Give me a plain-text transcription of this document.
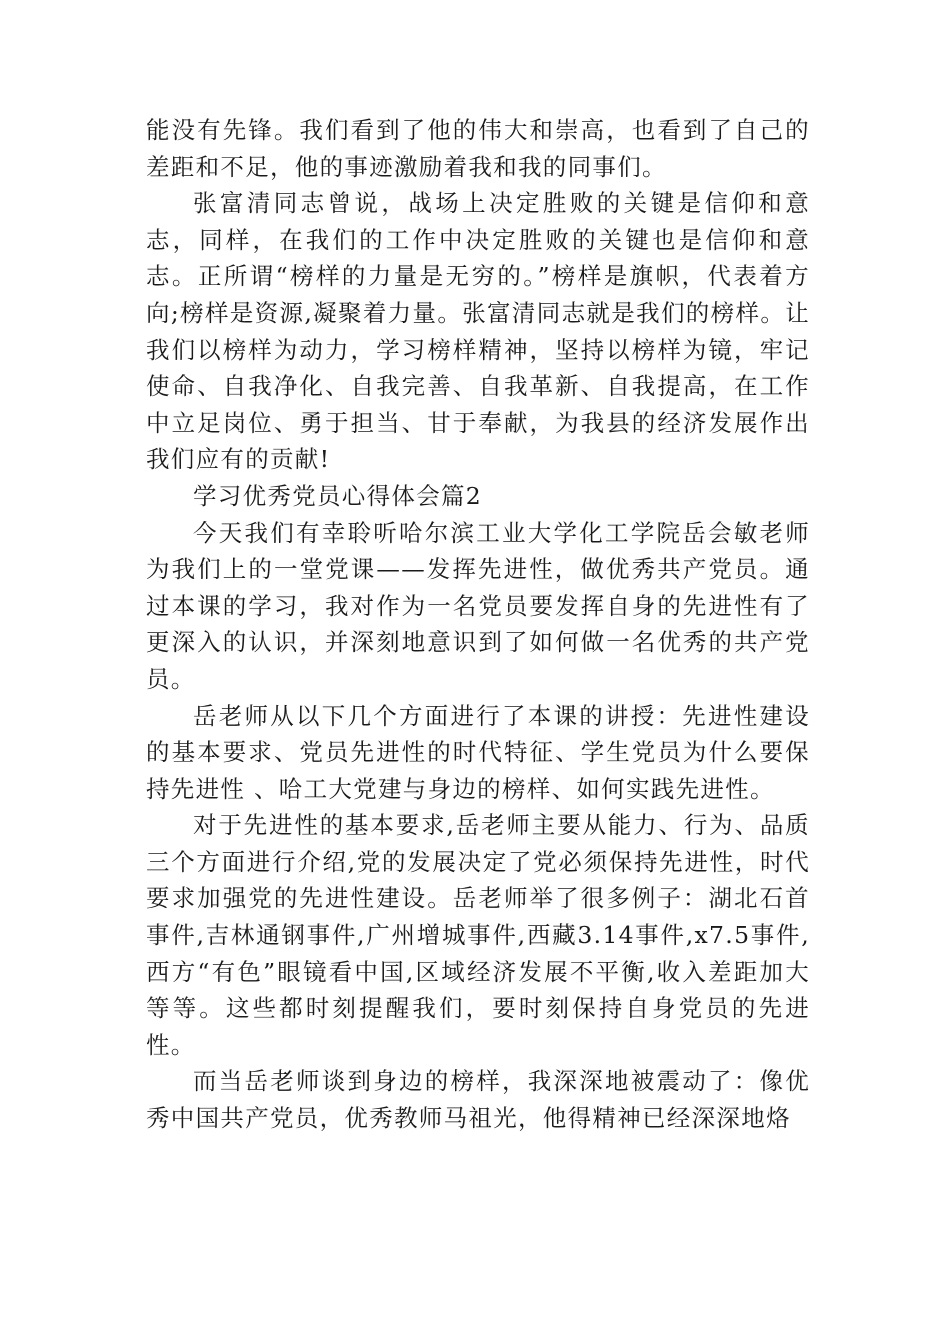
能没有先锋。我们看到了他的伟大和崇高，也看到了自己的差距和不足，他的事迹激励着我和我的同事们。

张富清同志曾说，战场上决定胜败的关键是信仰和意志，同样，在我们的工作中决定胜败的关键也是信仰和意志。正所谓“榜样的力量是无穷的。”榜样是旗帜，代表着方向;榜样是资源,凝聚着力量。张富清同志就是我们的榜样。让我们以榜样为动力，学习榜样精神，坚持以榜样为镜，牢记使命、自我净化、自我完善、自我革新、自我提高，在工作中立足岗位、勇于担当、甘于奉献，为我县的经济发展作出我们应有的贡献!

学习优秀党员心得体会篇2

今天我们有幸聆听哈尔滨工业大学化工学院岳会敏老师为我们上的一堂党课——发挥先进性，做优秀共产党员。通过本课的学习，我对作为一名党员要发挥自身的先进性有了更深入的认识，并深刻地意识到了如何做一名优秀的共产党员。

岳老师从以下几个方面进行了本课的讲授：先进性建设的基本要求、党员先进性的时代特征、学生党员为什么要保持先进性 、哈工大党建与身边的榜样、如何实践先进性。

对于先进性的基本要求,岳老师主要从能力、行为、品质三个方面进行介绍,党的发展决定了党必须保持先进性，时代要求加强党的先进性建设。岳老师举了很多例子：湖北石首事件,吉林通钢事件,广州增城事件,西藏3.14事件,x7.5事件,西方“有色”眼镜看中国,区域经济发展不平衡,收入差距加大等等。这些都时刻提醒我们，要时刻保持自身党员的先进性。

而当岳老师谈到身边的榜样，我深深地被震动了：像优秀中国共产党员，优秀教师马祖光，他得精神已经深深地烙
